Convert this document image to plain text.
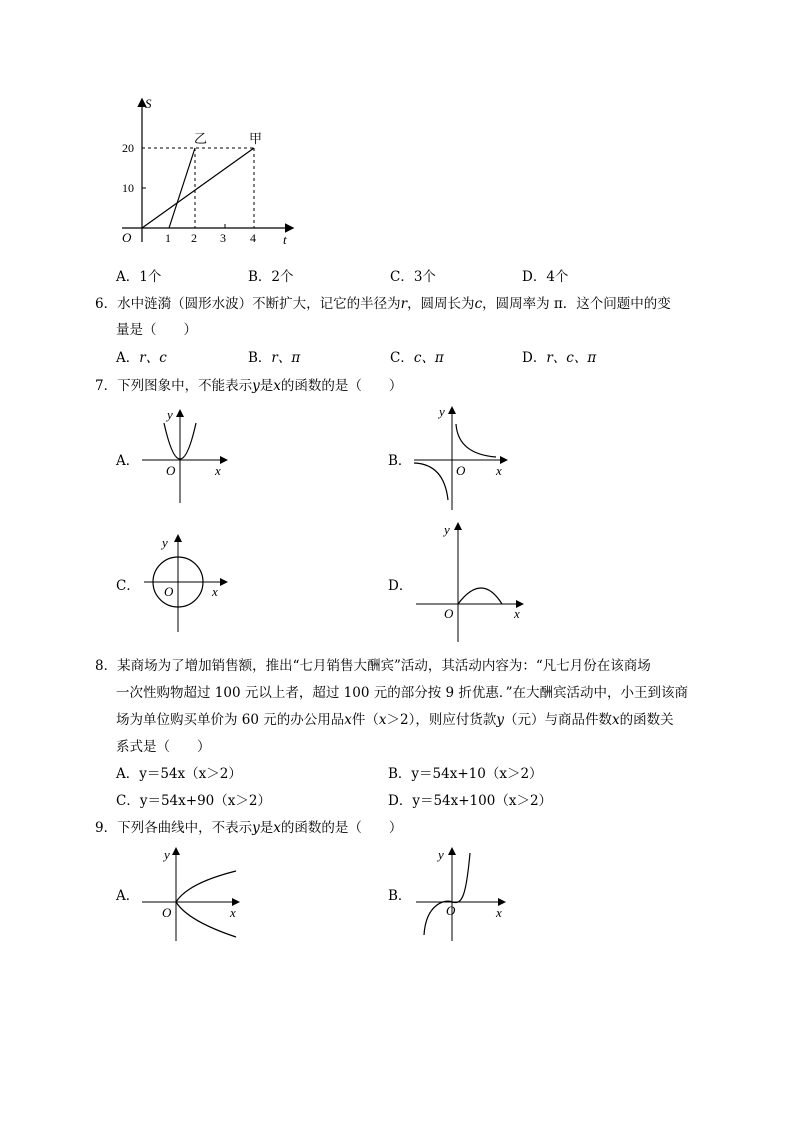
S
t
O
10
20
1 2 3 4
乙	甲
A．1个	B．2个	C．3个	D．4个
6．水中涟漪（圆形水波）不断扩大，记它的半径为r，圆周长为c，圆周率为 π．这个问题中的变
量是（　　）
A．r、c	B．r、π	C．c、π	D．r、c、π
7．下列图象中，不能表示y是x的函数的是（　　）
A．
y
x
O
B．
y
x
O
C．
y
x
O	D．
y
x
O
8．某商场为了增加销售额，推出“七月销售大酬宾”活动，其活动内容为：“凡七月份在该商场
一次性购物超过 100 元以上者，超过 100 元的部分按 9 折优惠．”在大酬宾活动中，小王到该商
场为单位购买单价为 60 元的办公用品x件（x＞2），则应付货款y（元）与商品件数x的函数关
系式是（　　）
A．y＝54x（x＞2）	B．y＝54x+10（x＞2）
C．y＝54x+90（x＞2）	D．y＝54x+100（x＞2）
9．下列各曲线中，不表示y是x的函数的是（　　）
A．
y
x
O
B．
y
x
O
